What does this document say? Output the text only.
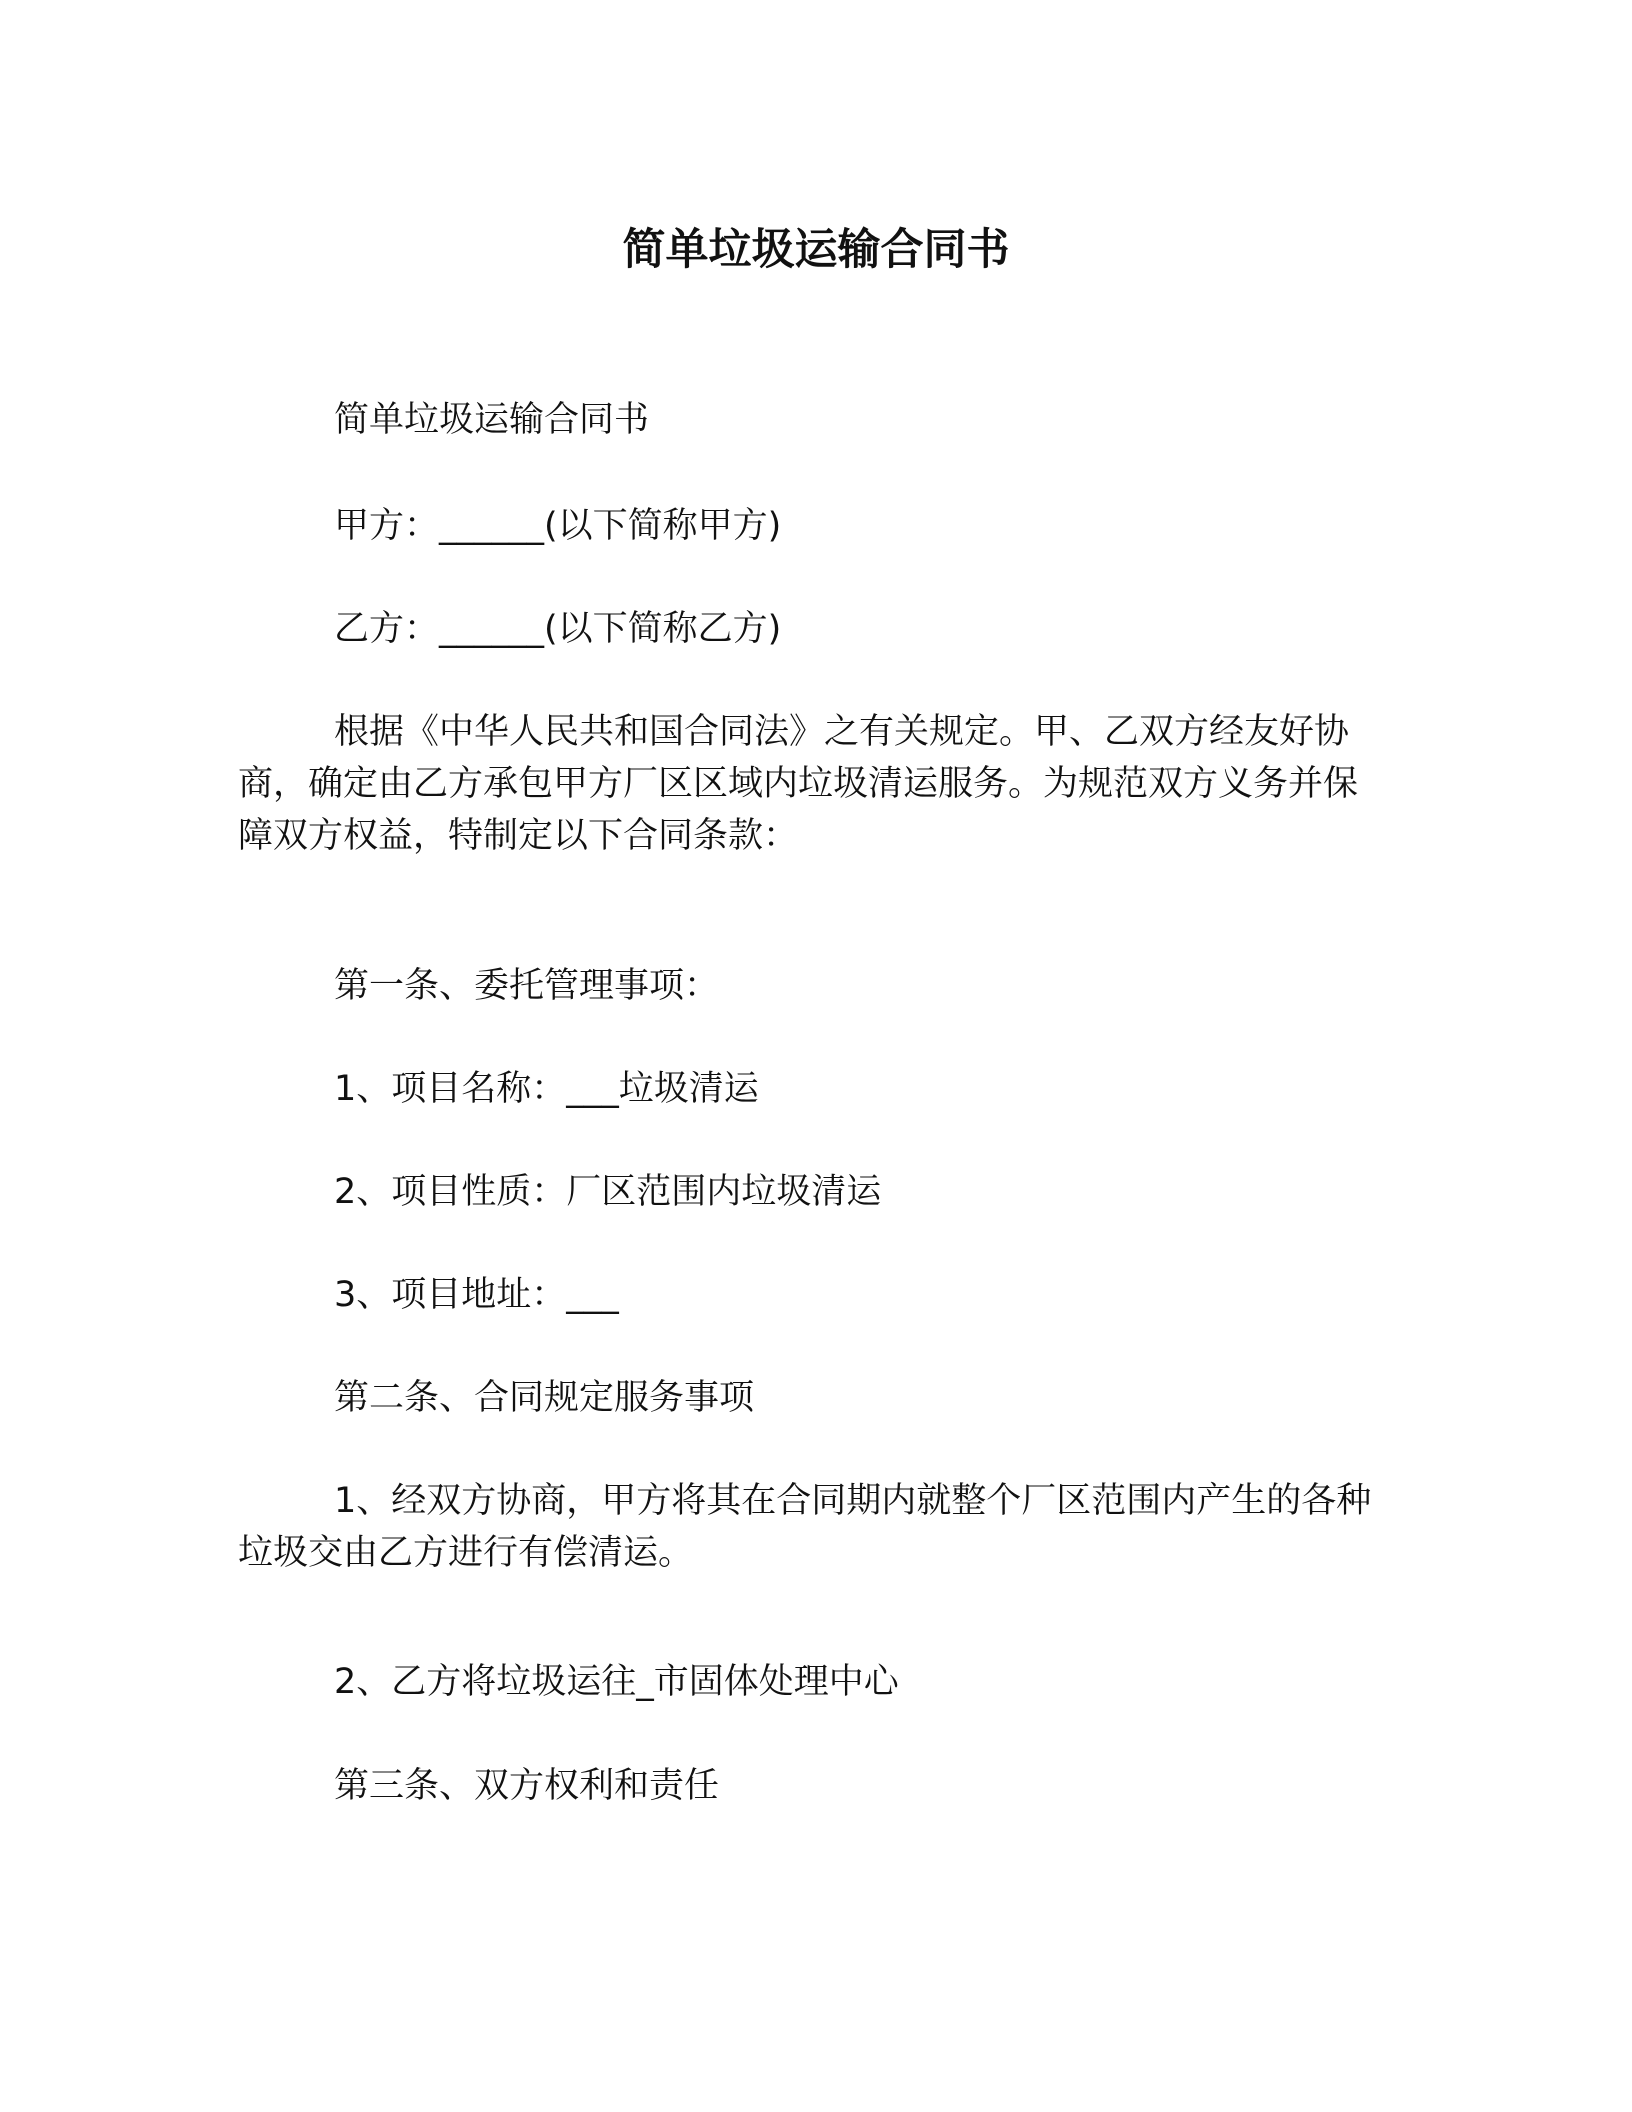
简单垃圾运输合同书
简单垃圾运输合同书
甲方：______(以下简称甲方)
乙方：______(以下简称乙方)
根据《中华人民共和国合同法》之有关规定。甲、乙双方经友好协商，确定由乙方承包甲方厂区区域内垃圾清运服务。为规范双方义务并保障双方权益，特制定以下合同条款：
第一条、委托管理事项：
1、项目名称：___垃圾清运
2、项目性质：厂区范围内垃圾清运
3、项目地址：___
第二条、合同规定服务事项
1、经双方协商，甲方将其在合同期内就整个厂区范围内产生的各种垃圾交由乙方进行有偿清运。
2、乙方将垃圾运往_市固体处理中心
第三条、双方权利和责任
